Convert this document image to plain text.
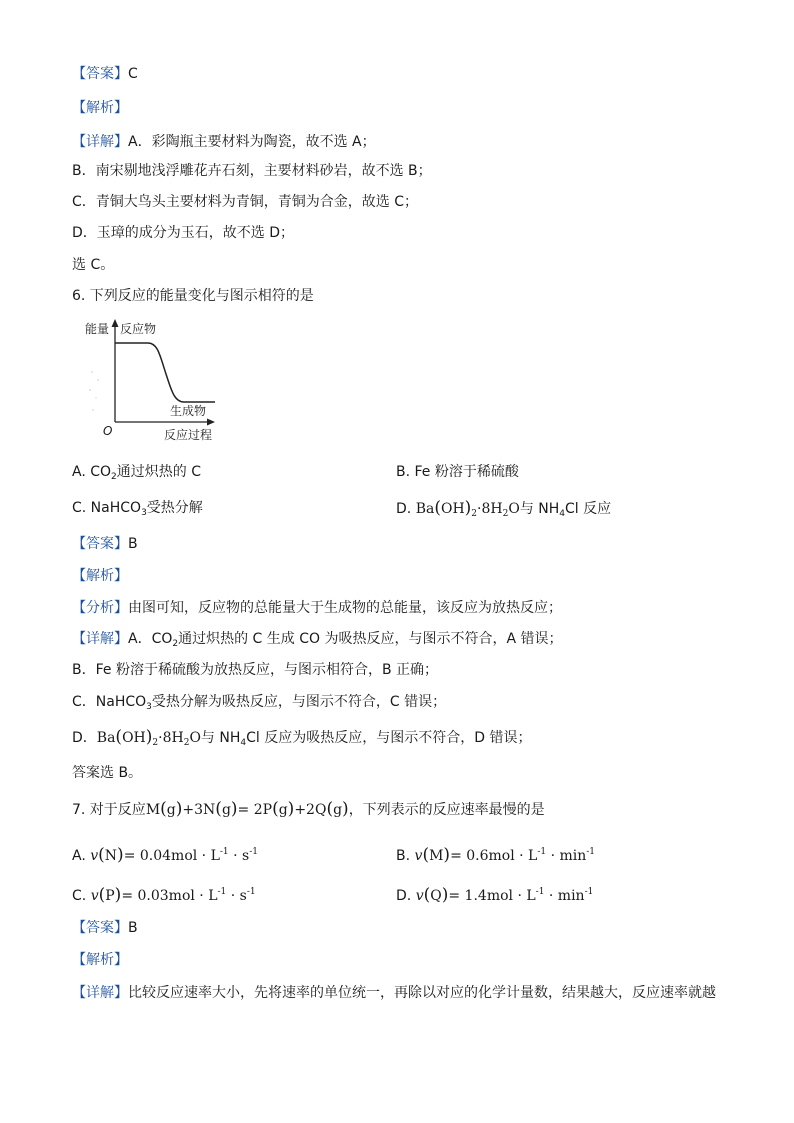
【答案】C
【解析】
【详解】A．彩陶瓶主要材料为陶瓷，故不选 A；
B．南宋剔地浅浮雕花卉石刻，主要材料砂岩，故不选 B；
C．青铜大鸟头主要材料为青铜，青铜为合金，故选 C；
D．玉璋的成分为玉石，故不选 D；
选 C。
6. 下列反应的能量变化与图示相符的是
能量 反应物
生成物
O	反应过程
A. $CO_2$通过炽热的 C	B. Fe 粉溶于稀硫酸
C. NaHCO$_3$受热分解	D. $Ba(OH)_2\cdot 8H_2O$与 $NH_4Cl$ 反应
【答案】B
【解析】
【分析】由图可知，反应物的总能量大于生成物的总能量，该反应为放热反应；
【详解】A．$CO_2$通过炽热的 C 生成 CO 为吸热反应，与图示不符合，A 错误；
B．Fe 粉溶于稀硫酸为放热反应，与图示相符合，B 正确；
C．NaHCO$_3$受热分解为吸热反应，与图示不符合，C 错误；
D．$Ba(OH)_2\cdot 8H_2O$与 $NH_4Cl$ 反应为吸热反应，与图示不符合，D 错误；
答案选 B。
7. 对于反应M(g)+3N(g)= 2P(g)+2Q(g)，下列表示的反应速率最慢的是
A. $v(N)= 0.04mol \cdot L^{-1} \cdot s^{-1}$	B. $v(M)= 0.6mol \cdot L^{-1} \cdot \min^{-1}$
C. $v(P)= 0.03mol \cdot L^{-1} \cdot s^{-1}$	D. $v(Q)= 1.4mol \cdot L^{-1} \cdot \min^{-1}$
【答案】B
【解析】
【详解】比较反应速率大小，先将速率的单位统一，再除以对应的化学计量数，结果越大，反应速率就越
